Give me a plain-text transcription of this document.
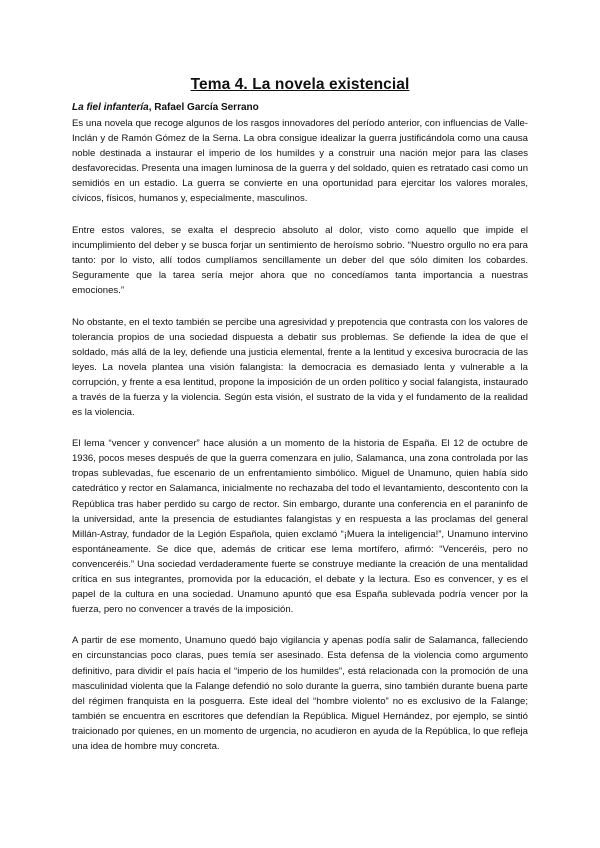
Tema 4. La novela existencial
La fiel infantería, Rafael García Serrano

Es una novela que recoge algunos de los rasgos innovadores del período anterior, con influencias de Valle-Inclán y de Ramón Gómez de la Serna. La obra consigue idealizar la guerra justificándola como una causa noble destinada a instaurar el imperio de los humildes y a construir una nación mejor para las clases desfavorecidas. Presenta una imagen luminosa de la guerra y del soldado, quien es retratado casi como un semidiós en un estadio. La guerra se convierte en una oportunidad para ejercitar los valores morales, cívicos, físicos, humanos y, especialmente, masculinos.

Entre estos valores, se exalta el desprecio absoluto al dolor, visto como aquello que impide el incumplimiento del deber y se busca forjar un sentimiento de heroísmo sobrio. “Nuestro orgullo no era para tanto: por lo visto, allí todos cumplíamos sencillamente un deber del que sólo dimiten los cobardes. Seguramente que la tarea sería mejor ahora que no concedíamos tanta importancia a nuestras emociones.”

No obstante, en el texto también se percibe una agresividad y prepotencia que contrasta con los valores de tolerancia propios de una sociedad dispuesta a debatir sus problemas. Se defiende la idea de que el soldado, más allá de la ley, defiende una justicia elemental, frente a la lentitud y excesiva burocracia de las leyes. La novela plantea una visión falangista: la democracia es demasiado lenta y vulnerable a la corrupción, y frente a esa lentitud, propone la imposición de un orden político y social falangista, instaurado a través de la fuerza y la violencia. Según esta visión, el sustrato de la vida y el fundamento de la realidad es la violencia.

El lema “vencer y convencer” hace alusión a un momento de la historia de España. El 12 de octubre de 1936, pocos meses después de que la guerra comenzara en julio, Salamanca, una zona controlada por las tropas sublevadas, fue escenario de un enfrentamiento simbólico. Miguel de Unamuno, quien había sido catedrático y rector en Salamanca, inicialmente no rechazaba del todo el levantamiento, descontento con la República tras haber perdido su cargo de rector. Sin embargo, durante una conferencia en el paraninfo de la universidad, ante la presencia de estudiantes falangistas y en respuesta a las proclamas del general Millán-Astray, fundador de la Legión Española, quien exclamó “¡Muera la inteligencia!”, Unamuno intervino espontáneamente. Se dice que, además de criticar ese lema mortífero, afirmó: “Venceréis, pero no convenceréis.” Una sociedad verdaderamente fuerte se construye mediante la creación de una mentalidad crítica en sus integrantes, promovida por la educación, el debate y la lectura. Eso es convencer, y es el papel de la cultura en una sociedad. Unamuno apuntó que esa España sublevada podría vencer por la fuerza, pero no convencer a través de la imposición.

A partir de ese momento, Unamuno quedó bajo vigilancia y apenas podía salir de Salamanca, falleciendo en circunstancias poco claras, pues temía ser asesinado. Esta defensa de la violencia como argumento definitivo, para dividir el país hacia el “imperio de los humildes”, está relacionada con la promoción de una masculinidad violenta que la Falange defendió no solo durante la guerra, sino también durante buena parte del régimen franquista en la posguerra. Este ideal del “hombre violento” no es exclusivo de la Falange; también se encuentra en escritores que defendían la República. Miguel Hernández, por ejemplo, se sintió traicionado por quienes, en un momento de urgencia, no acudieron en ayuda de la República, lo que refleja una idea de hombre muy concreta.
